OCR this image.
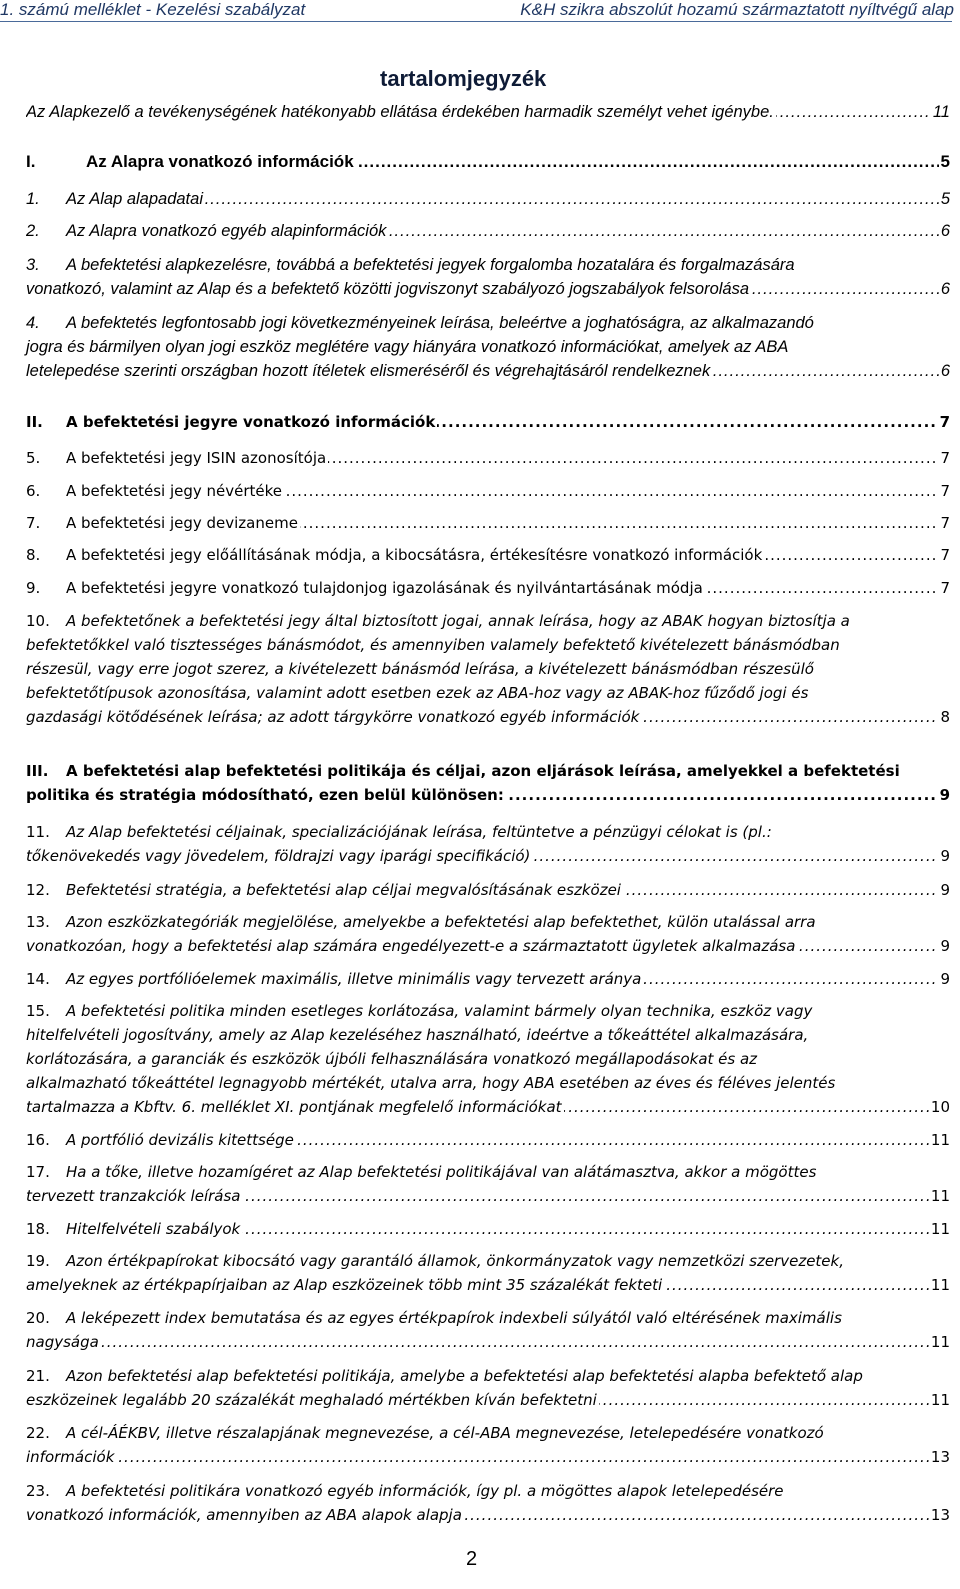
1. számú melléklet - Kezelési szabályzat	K&H szikra abszolút hozamú származtatott nyíltvégű alap
tartalomjegyzék
Az Alapkezelő a tevékenységének hatékonyabb ellátása érdekében harmadik személyt vehet igénybe.	11
.....
I.	Az Alapra vonatkozó információk	5
.....
1. Az Alap alapadatai	5
.....
2. Az Alapra vonatkozó egyéb alapinformációk	6
.....
3. A befektetési alapkezelésre, továbbá a befektetési jegyek forgalomba hozatalára és forgalmazására
vonatkozó, valamint az Alap és a befektető közötti jogviszonyt szabályozó jogszabályok felsorolása	6
.....
4. A befektetés legfontosabb jogi következményeinek leírása, beleértve a joghatóságra, az alkalmazandó
jogra és bármilyen olyan jogi eszköz meglétére vagy hiányára vonatkozó információkat, amelyek az ABA
letelepedése szerinti országban hozott ítéletek elismeréséről és végrehajtásáról rendelkeznek	6
.....
II. A befektetési jegyre vonatkozó információk	7
.....
5. A befektetési jegy ISIN azonosítója	7
.....
6. A befektetési jegy névértéke	7
.....
7. A befektetési jegy devizaneme	7
.....
8. A befektetési jegy előállításának módja, a kibocsátásra, értékesítésre vonatkozó információk	7
.....
9. A befektetési jegyre vonatkozó tulajdonjog igazolásának és nyilvántartásának módja	7
.....
10. A befektetőnek a befektetési jegy által biztosított jogai, annak leírása, hogy az ABAK hogyan biztosítja a
befektetőkkel való tisztességes bánásmódot, és amennyiben valamely befektető kivételezett bánásmódban
részesül, vagy erre jogot szerez, a kivételezett bánásmód leírása, a kivételezett bánásmódban részesülő
befektetőtípusok azonosítása, valamint adott esetben ezek az ABA-hoz vagy az ABAK-hoz fűződő jogi és
gazdasági kötődésének leírása; az adott tárgykörre vonatkozó egyéb információk	8
.....
III. A befektetési alap befektetési politikája és céljai, azon eljárások leírása, amelyekkel a befektetési
politika és stratégia módosítható, ezen belül különösen:	9
.....
11. Az Alap befektetési céljainak, specializációjának leírása, feltüntetve a pénzügyi célokat is (pl.:
tőkenövekedés vagy jövedelem, földrajzi vagy iparági specifikáció)	9
.....
12. Befektetési stratégia, a befektetési alap céljai megvalósításának eszközei	9
.....
13. Azon eszközkategóriák megjelölése, amelyekbe a befektetési alap befektethet, külön utalással arra
vonatkozóan, hogy a befektetési alap számára engedélyezett-e a származtatott ügyletek alkalmazása	9
.....
14. Az egyes portfólióelemek maximális, illetve minimális vagy tervezett aránya	9
.....
15. A befektetési politika minden esetleges korlátozása, valamint bármely olyan technika, eszköz vagy
hitelfelvételi jogosítvány, amely az Alap kezeléséhez használható, ideértve a tőkeáttétel alkalmazására,
korlátozására, a garanciák és eszközök újbóli felhasználására vonatkozó megállapodásokat és az
alkalmazható tőkeáttétel legnagyobb mértékét, utalva arra, hogy ABA esetében az éves és féléves jelentés
tartalmazza a Kbftv. 6. melléklet XI. pontjának megfelelő információkat	10
.....
16. A portfólió devizális kitettsége	11
.....
17. Ha a tőke, illetve hozamígéret az Alap befektetési politikájával van alátámasztva, akkor a mögöttes
tervezett tranzakciók leírása	11
.....
18. Hitelfelvételi szabályok	11
.....
19. Azon értékpapírokat kibocsátó vagy garantáló államok, önkormányzatok vagy nemzetközi szervezetek,
amelyeknek az értékpapírjaiban az Alap eszközeinek több mint 35 százalékát fekteti	11
.....
20. A leképezett index bemutatása és az egyes értékpapírok indexbeli súlyától való eltérésének maximális
nagysága	11
.....
21. Azon befektetési alap befektetési politikája, amelybe a befektetési alap befektetési alapba befektető alap
eszközeinek legalább 20 százalékát meghaladó mértékben kíván befektetni	11
.....
22. A cél-ÁÉKBV, illetve részalapjának megnevezése, a cél-ABA megnevezése, letelepedésére vonatkozó
információk	13
.....
23. A befektetési politikára vonatkozó egyéb információk, így pl. a mögöttes alapok letelepedésére
vonatkozó információk, amennyiben az ABA alapok alapja	13
.....
2
